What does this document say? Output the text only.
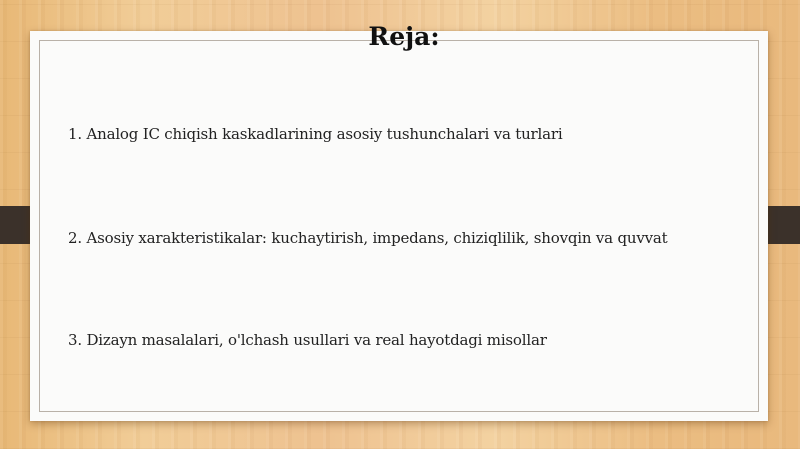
Reja:
1. Analog IC chiqish kaskadlarining asosiy tushunchalari va turlari
2. Asosiy xarakteristikalar: kuchaytirish, impedans, chiziqlilik, shovqin va quvvat
3. Dizayn masalalari, o'lchash usullari va real hayotdagi misollar
